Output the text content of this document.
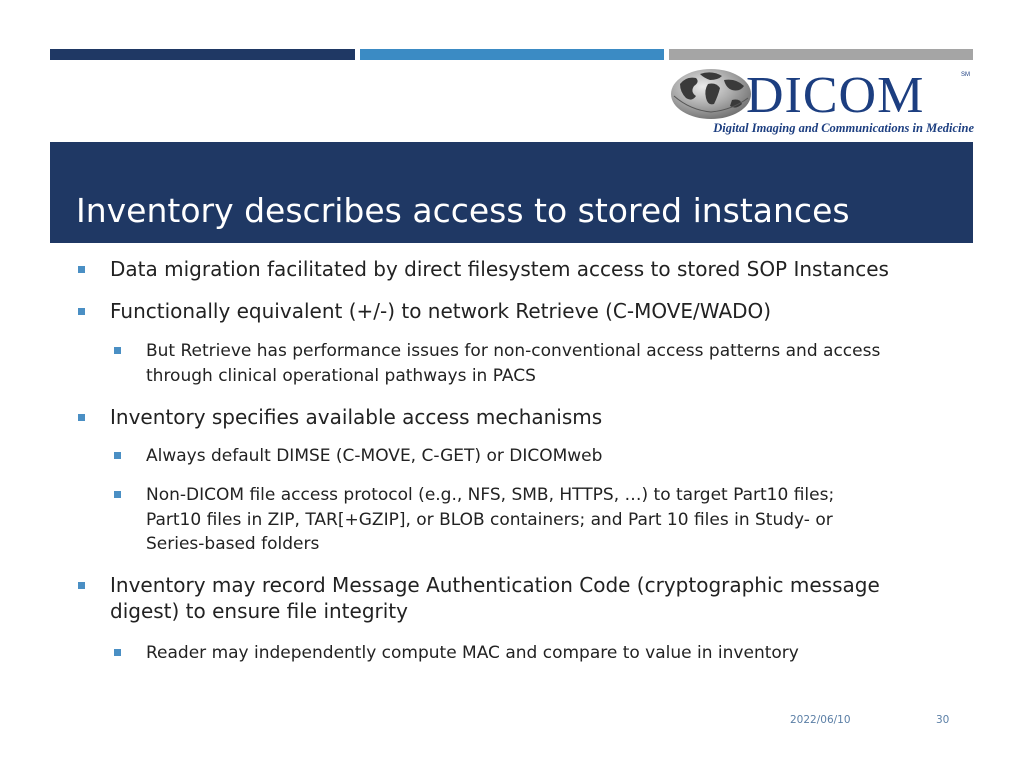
DICOM	SM
Digital Imaging and Communications in Medicine
Inventory describes access to stored instances
Data migration facilitated by direct filesystem access to stored SOP Instances
Functionally equivalent (+/-) to network Retrieve (C-MOVE/WADO)
But Retrieve has performance issues for non-conventional access patterns and access
through clinical operational pathways in PACS
Inventory specifies available access mechanisms
Always default DIMSE (C-MOVE, C-GET) or DICOMweb
Non-DICOM file access protocol (e.g., NFS, SMB, HTTPS, …) to target Part10 files;
Part10 files in ZIP, TAR[+GZIP], or BLOB containers; and Part 10 files in Study- or
Series-based folders
Inventory may record Message Authentication Code (cryptographic message
digest) to ensure file integrity
Reader may independently compute MAC and compare to value in inventory
2022/06/10	30
